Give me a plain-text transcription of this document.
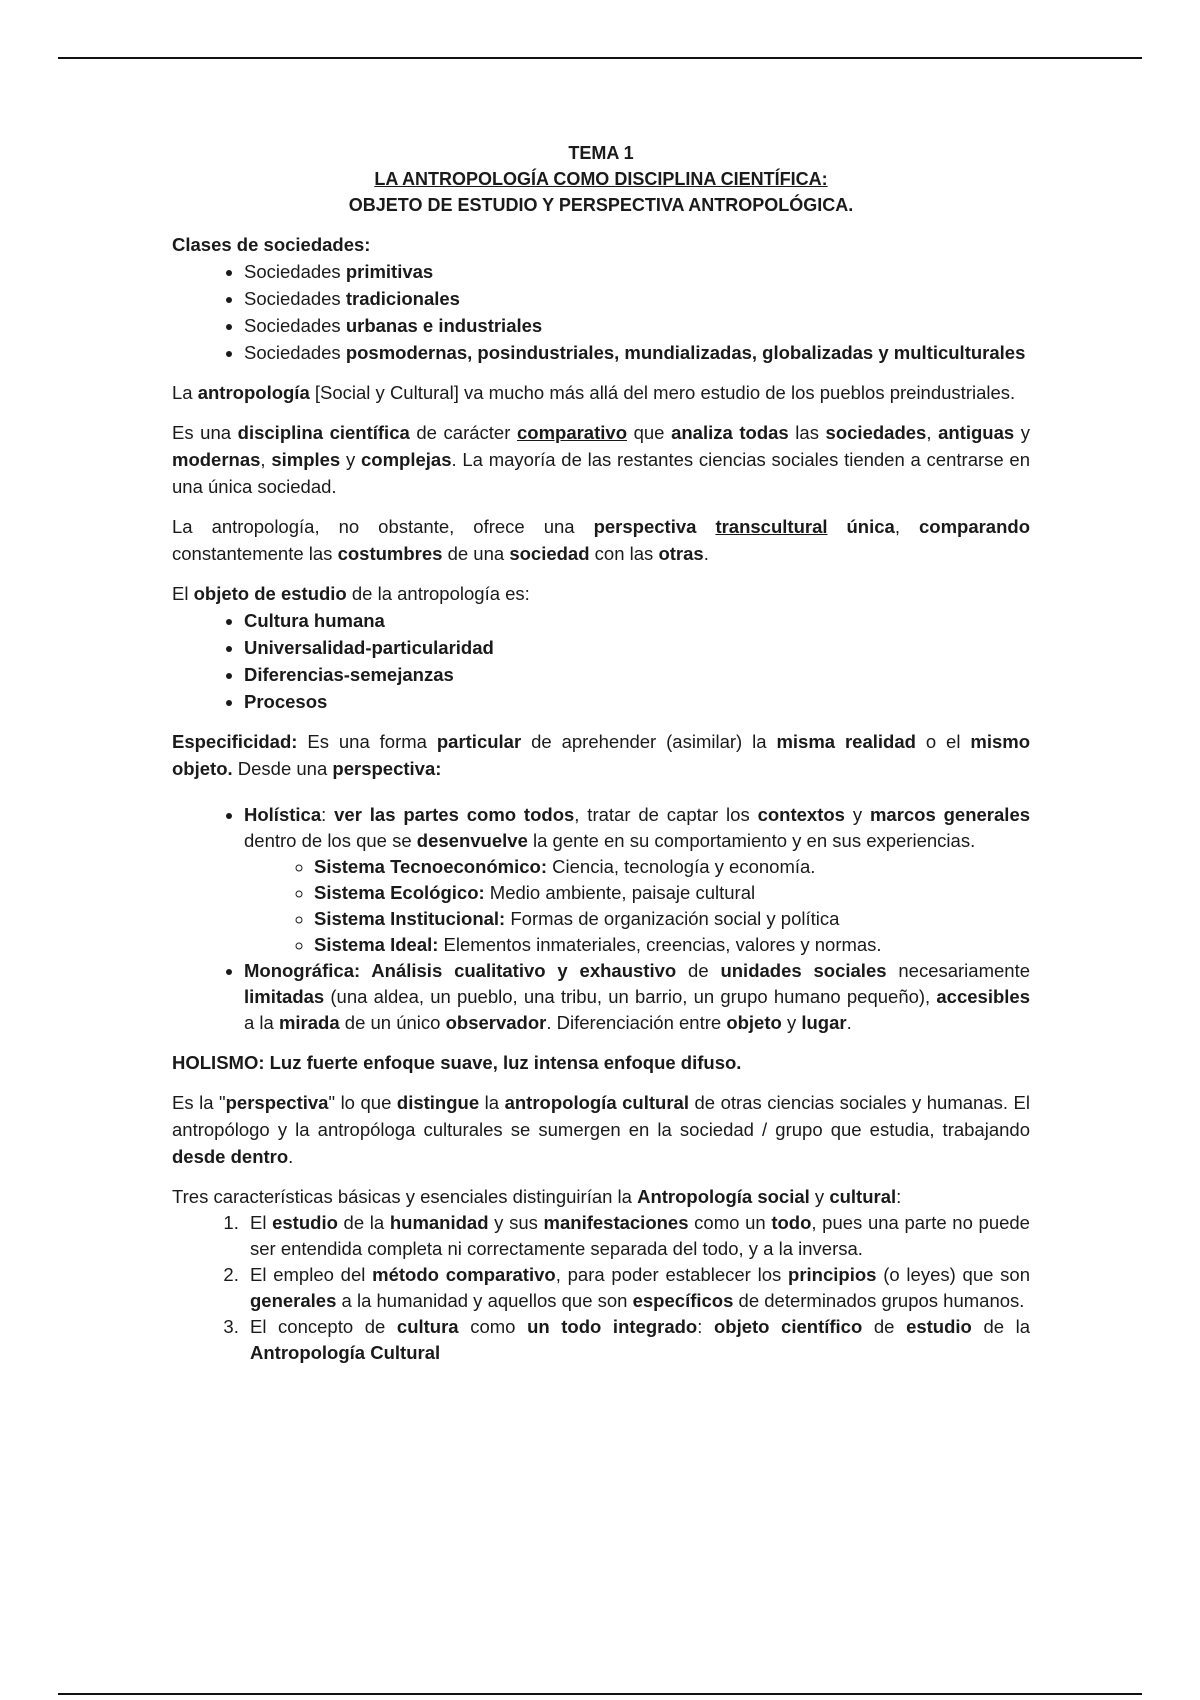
TEMA 1
LA ANTROPOLOGÍA COMO DISCIPLINA CIENTÍFICA:
OBJETO DE ESTUDIO Y PERSPECTIVA ANTROPOLÓGICA.
Clases de sociedades:
• Sociedades primitivas
• Sociedades tradicionales
• Sociedades urbanas e industriales
• Sociedades posmodernas, posindustriales, mundializadas, globalizadas y multiculturales

La antropología [Social y Cultural] va mucho más allá del mero estudio de los pueblos preindustriales.

Es una disciplina científica de carácter comparativo que analiza todas las sociedades, antiguas y modernas, simples y complejas. La mayoría de las restantes ciencias sociales tienden a centrarse en una única sociedad.

La antropología, no obstante, ofrece una perspectiva transcultural única, comparando constantemente las costumbres de una sociedad con las otras.

El objeto de estudio de la antropología es:
• Cultura humana
• Universalidad-particularidad
• Diferencias-semejanzas
• Procesos

Especificidad: Es una forma particular de aprehender (asimilar) la misma realidad o el mismo objeto. Desde una perspectiva:

• Holística: ver las partes como todos, tratar de captar los contextos y marcos generales dentro de los que se desenvuelve la gente en su comportamiento y en sus experiencias.
◦ Sistema Tecnoeconómico: Ciencia, tecnología y economía.
◦ Sistema Ecológico: Medio ambiente, paisaje cultural
◦ Sistema Institucional: Formas de organización social y política
◦ Sistema Ideal: Elementos inmateriales, creencias, valores y normas.
• Monográfica: Análisis cualitativo y exhaustivo de unidades sociales necesariamente limitadas (una aldea, un pueblo, una tribu, un barrio, un grupo humano pequeño), accesibles a la mirada de un único observador. Diferenciación entre objeto y lugar.

HOLISMO: Luz fuerte enfoque suave, luz intensa enfoque difuso.

Es la "perspectiva" lo que distingue la antropología cultural de otras ciencias sociales y humanas. El antropólogo y la antropóloga culturales se sumergen en la sociedad / grupo que estudia, trabajando desde dentro.

Tres características básicas y esenciales distinguirían la Antropología social y cultural:
1. El estudio de la humanidad y sus manifestaciones como un todo, pues una parte no puede ser entendida completa ni correctamente separada del todo, y a la inversa.
2. El empleo del método comparativo, para poder establecer los principios (o leyes) que son generales a la humanidad y aquellos que son específicos de determinados grupos humanos.
3. El concepto de cultura como un todo integrado: objeto científico de estudio de la Antropología Cultural
